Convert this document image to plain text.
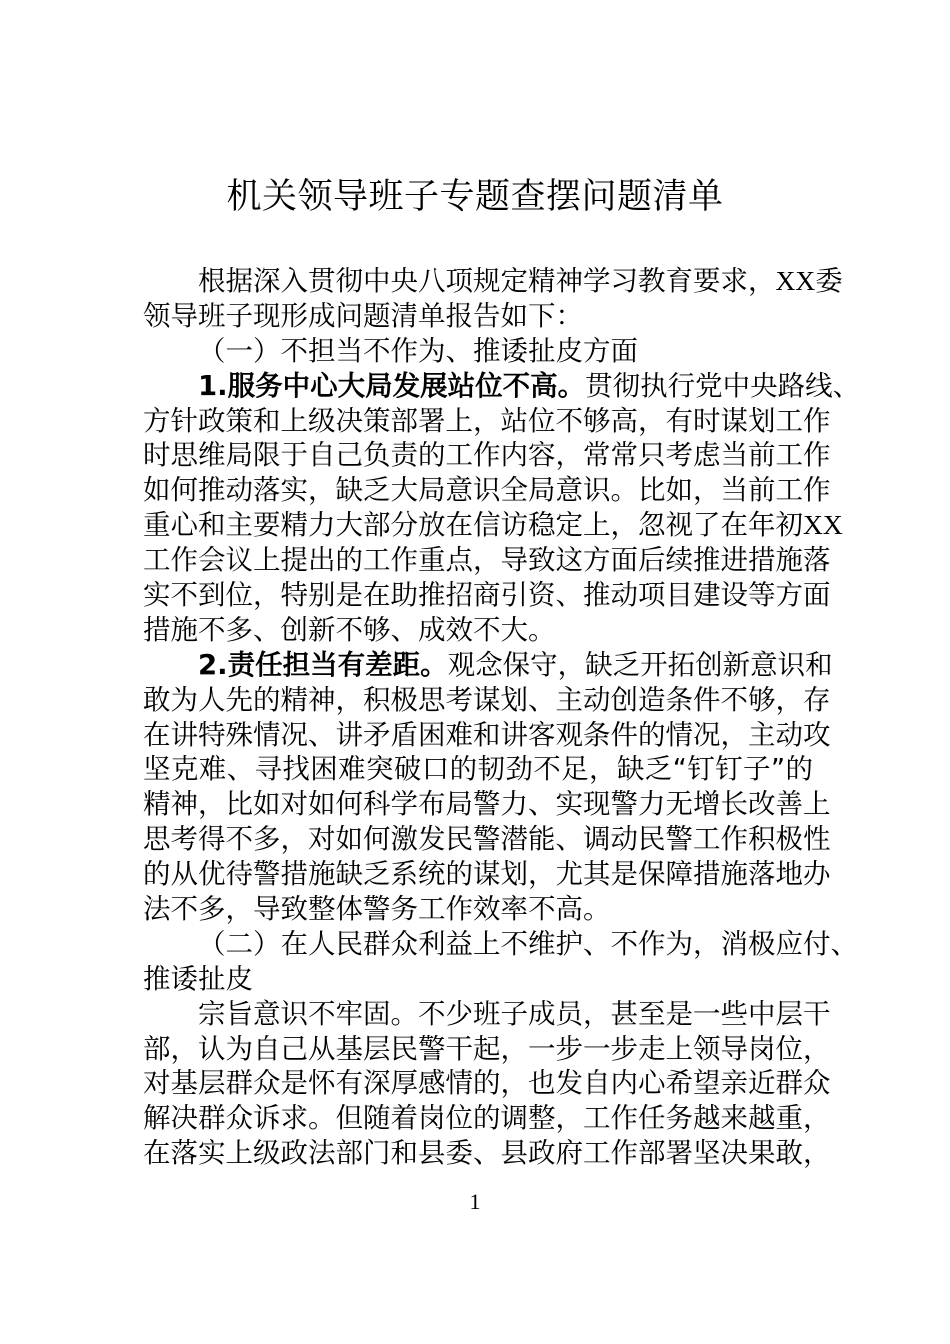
机关领导班子专题查摆问题清单
根据深入贯彻中央八项规定精神学习教育要求，XX委
领导班子现形成问题清单报告如下：
（一）不担当不作为、推诿扯皮方面
1.服务中心大局发展站位不高。贯彻执行党中央路线、
方针政策和上级决策部署上，站位不够高，有时谋划工作
时思维局限于自己负责的工作内容，常常只考虑当前工作
如何推动落实，缺乏大局意识全局意识。比如，当前工作
重心和主要精力大部分放在信访稳定上，忽视了在年初XX
工作会议上提出的工作重点，导致这方面后续推进措施落
实不到位，特别是在助推招商引资、推动项目建设等方面
措施不多、创新不够、成效不大。
2.责任担当有差距。观念保守，缺乏开拓创新意识和
敢为人先的精神，积极思考谋划、主动创造条件不够，存
在讲特殊情况、讲矛盾困难和讲客观条件的情况，主动攻
坚克难、寻找困难突破口的韧劲不足，缺乏“钉钉子”的
精神，比如对如何科学布局警力、实现警力无增长改善上
思考得不多，对如何激发民警潜能、调动民警工作积极性
的从优待警措施缺乏系统的谋划，尤其是保障措施落地办
法不多，导致整体警务工作效率不高。
（二）在人民群众利益上不维护、不作为，消极应付、
推诿扯皮
宗旨意识不牢固。不少班子成员，甚至是一些中层干
部，认为自己从基层民警干起，一步一步走上领导岗位，
对基层群众是怀有深厚感情的，也发自内心希望亲近群众
解决群众诉求。但随着岗位的调整，工作任务越来越重，
在落实上级政法部门和县委、县政府工作部署坚决果敢，
1
